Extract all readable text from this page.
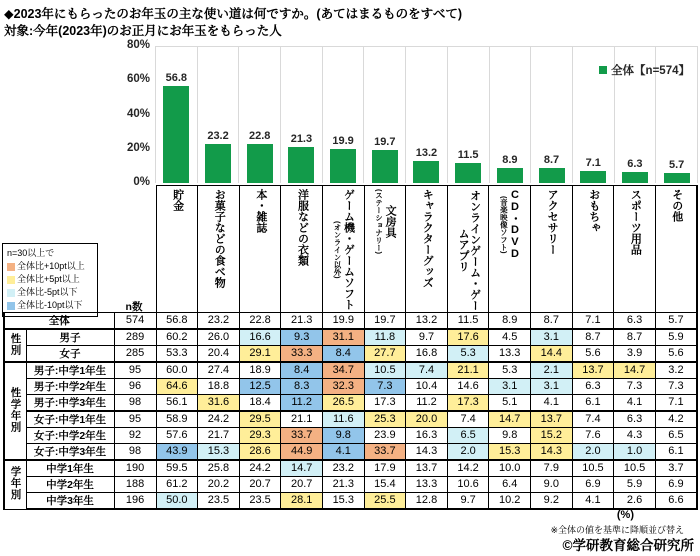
◆2023年にもらったのお年玉の主な使い道は何ですか。(あてはまるものをすべて)
対象:今年(2023年)のお正月にお年玉をもらった人
80%
60%
40%
20%
0%
56.8
23.2 22.8 21.3 19.9 19.7
13.2 11.5 8.9 8.7 7.1 6.3 5.7
全体【n=574】
n=30以上で
全体比+10pt以上
全体比+5pt以上
全体比-5pt以下
全体比-10pt以下	n数

			貯金	お菓子などの食べ物	本・雑誌	洋服などの衣類	ゲーム機・ゲームソフト
(オンライン以外)	文房具
(ステーショナリー)	キャラクターグッズ	オンラインゲーム・ゲームアプリ	CD・DVD
(音楽映像ソフト)	アクセサリー	おもちゃ	スポーツ用品	その他

全体		574	56.8	23.2	22.8	21.3	19.9	19.7	13.2	11.5	8.9	8.7	7.1	6.3	5.7
性別	男子	289	60.2	26.0	16.6	9.3	31.1	11.8	9.7	17.6	4.5	3.1	8.7	8.7	5.9
	女子	285	53.3	20.4	29.1	33.3	8.4	27.7	16.8	5.3	13.3	14.4	5.6	3.9	5.6
性学年別	男子:中学1年生	95	60.0	27.4	18.9	8.4	34.7	10.5	7.4	21.1	5.3	2.1	13.7	14.7	3.2
	男子:中学2年生	96	64.6	18.8	12.5	8.3	32.3	7.3	10.4	14.6	3.1	3.1	6.3	7.3	7.3
	男子:中学3年生	98	56.1	31.6	18.4	11.2	26.5	17.3	11.2	17.3	5.1	4.1	6.1	4.1	7.1
	女子:中学1年生	95	58.9	24.2	29.5	21.1	11.6	25.3	20.0	7.4	14.7	13.7	7.4	6.3	4.2
	女子:中学2年生	92	57.6	21.7	29.3	33.7	9.8	23.9	16.3	6.5	9.8	15.2	7.6	4.3	6.5
	女子:中学3年生	98	43.9	15.3	28.6	44.9	4.1	33.7	14.3	2.0	15.3	14.3	2.0	1.0	6.1
学年別	中学1年生	190	59.5	25.8	24.2	14.7	23.2	17.9	13.7	14.2	10.0	7.9	10.5	10.5	3.7
	中学2年生	188	61.2	20.2	20.7	20.7	21.3	15.4	13.3	10.6	6.4	9.0	6.9	5.9	6.9
	中学3年生	196	50.0	23.5	23.5	28.1	15.3	25.5	12.8	9.7	10.2	9.2	4.1	2.6	6.6
(%)
※全体の値を基準に降順並び替え
©学研教育総合研究所
